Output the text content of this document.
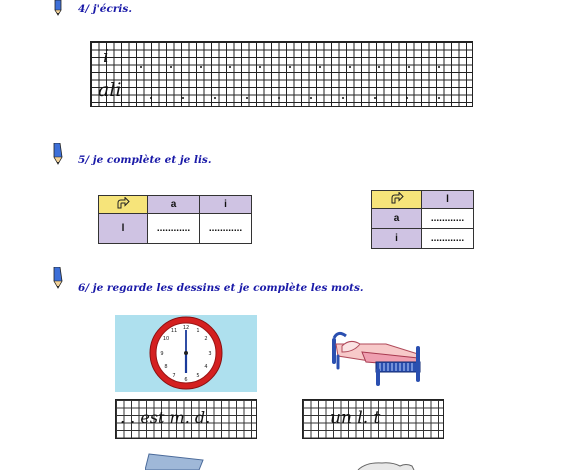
4/ j'écris.
i
ali
5/ je complète et je lis.
	a	i
l	............	............
	l
a	............
i	............
6/ je regarde les dessins et je complète les mots.
12 1
2
3
4
5
6
7
8
9
10
11
. . est m. d.	un l. t
